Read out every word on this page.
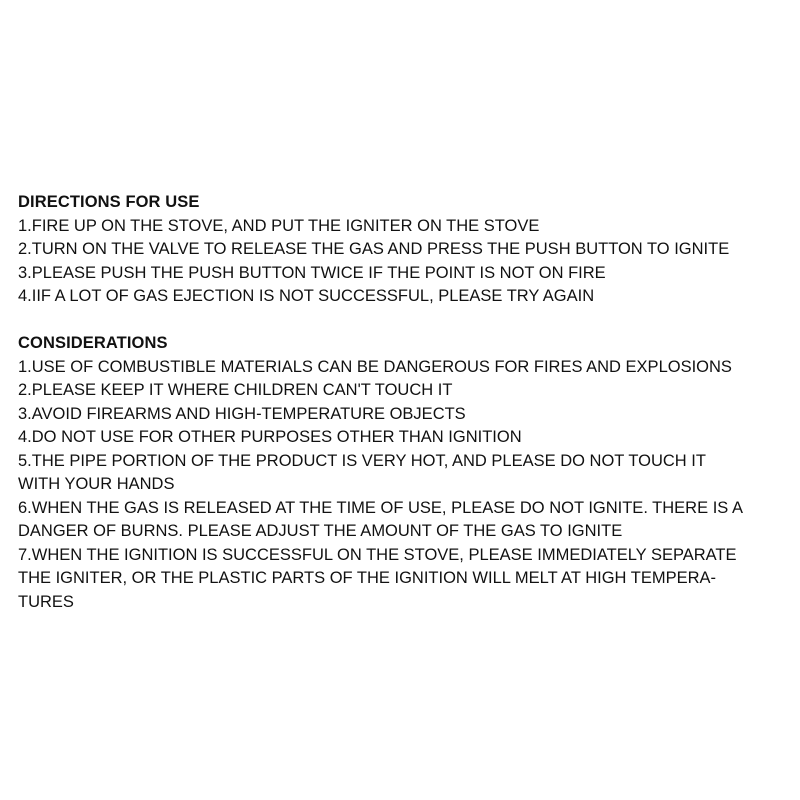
DIRECTIONS FOR USE
1.FIRE UP ON THE STOVE, AND PUT THE IGNITER ON THE STOVE
2.TURN ON THE VALVE TO RELEASE THE GAS AND PRESS THE PUSH BUTTON TO IGNITE
3.PLEASE PUSH THE PUSH BUTTON TWICE IF THE POINT IS NOT ON FIRE
4.IIF A LOT OF GAS EJECTION IS NOT SUCCESSFUL, PLEASE TRY AGAIN
CONSIDERATIONS
1.USE OF COMBUSTIBLE MATERIALS CAN BE DANGEROUS FOR FIRES AND EXPLOSIONS
2.PLEASE KEEP IT WHERE CHILDREN CAN'T TOUCH IT
3.AVOID FIREARMS AND HIGH-TEMPERATURE OBJECTS
4.DO NOT USE FOR OTHER PURPOSES OTHER THAN IGNITION
5.THE PIPE PORTION OF THE PRODUCT IS VERY HOT, AND PLEASE DO NOT TOUCH IT
WITH YOUR HANDS
6.WHEN THE GAS IS RELEASED AT THE TIME OF USE, PLEASE DO NOT IGNITE. THERE IS A
DANGER OF BURNS. PLEASE ADJUST THE AMOUNT OF THE GAS TO IGNITE
7.WHEN THE IGNITION IS SUCCESSFUL ON THE STOVE, PLEASE IMMEDIATELY SEPARATE
THE IGNITER, OR THE PLASTIC PARTS OF THE IGNITION WILL MELT AT HIGH TEMPERA-
TURES
